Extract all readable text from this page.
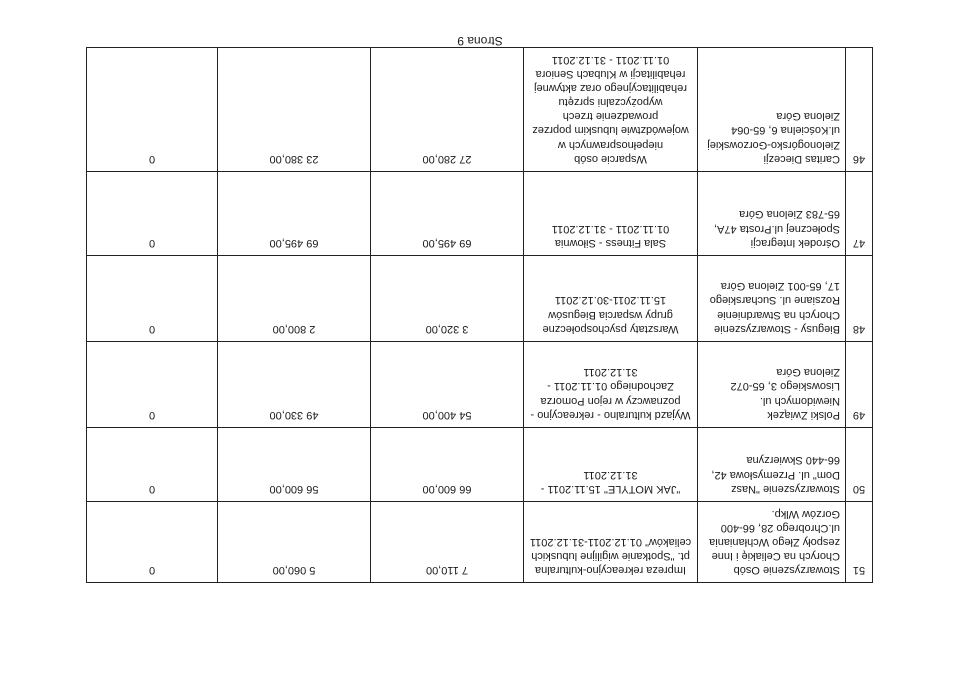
51	Stowarzyszenie Osób Chorych na Celiakię i Inne zespoły Złego Wchłaniania ul.Chrobrego 28, 66-400 Gorzów Wlkp.	Impreza rekreacyjno-kulturalna pt. "Spotkanie wigilijne lubuskich celiaków" 01.12.2011-31.12.2011	7 110,00	5 060,00	0
50	Stowarzyszenie "Nasz Dom" ul. Przemysłowa 42, 66-440 Skwierzyna	"JAK MOTYLE" 15.11.2011 - 31.12.2011	66 600,00	56 600,00	0
49	Polski Związek Niewidomych ul. Lisowskiego 3, 65-072 Zielona Góra	Wyjazd kulturalno - rekreacyjno - poznawczy w rejon Pomorza Zachodniego 01.11.2011 - 31.12.2011	54 400,00	49 330,00	0
48	Biegusy - Stowarzyszenie Chorych na Stwardnienie Rozsiane ul. Sucharskiego 17, 65-001 Zielona Góra	Warsztaty psychospołeczne grupy wsparcia Biegusów 15.11.2011-30.12.2011	3 320,00	2 800,00	0
47	Ośrodek Integracji Społecznej ul.Prosta 47A, 65-783 Zielona Góra	Sala Fitness - Siłownia 01.11.2011 - 31.12.2011	69 495,00	69 495,00	0
46	Caritas Diecezji Zielonogórsko-Gorzowskiej ul.Kościelna 6, 65-064 Zielona Góra	Wsparcie osób niepełnosprawnych w województwie lubuskim poprzez prowadzenie trzech wypożyczalni sprzętu rehabilitacyjnego oraz aktywnej rehabilitacji w Klubach Seniora 01.11.2011 - 31.12.2011	27 280,00	23 380,00	0
Strona 9
